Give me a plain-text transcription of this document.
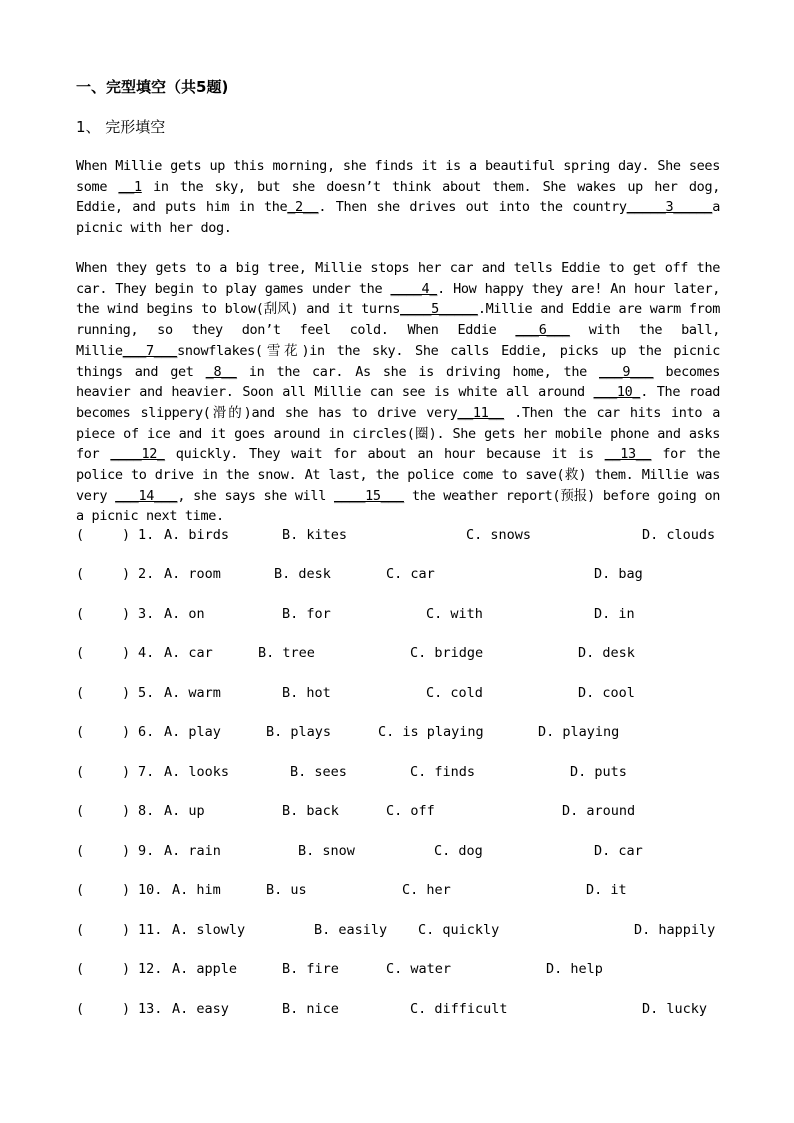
一、完型填空（共5题)
1、 完形填空
When Millie gets up this morning, she finds it is a beautiful spring day. She sees some __1 in the sky, but she doesn’t think about them. She wakes up her dog, Eddie, and puts him in the_2__. Then she drives out into the country_____3_____a picnic with her dog.
When they gets to a big tree, Millie stops her car and tells Eddie to get off the car. They begin to play games under the ____4_. How happy they are! An hour later, the wind begins to blow(刮风) and it turns____5_____.Millie and Eddie are warm from running, so they don’t feel cold. When Eddie ___6___ with the ball, Millie___7___snowflakes(雪花)in the sky. She calls Eddie, picks up the picnic things and get _8__ in the car. As she is driving home, the ___9___ becomes heavier and heavier. Soon all Millie can see is white all around ___10_. The road becomes slippery(滑的)and she has to drive very__11__ .Then the car hits into a piece of ice and it goes around in circles(圈). She gets her mobile phone and asks for ____12_ quickly. They wait for about an hour because it is __13__ for the police to drive in the snow. At last, the police come to save(救) them. Millie was very ___14___, she says she will ____15___ the weather report(预报) before going on a picnic next time.
(	) 1. A. birds	B. kites	C. snows	D. clouds
(	) 2. A. room	B. desk	C. car	D. bag
(	) 3. A. on	B. for	C. with	D. in
(	) 4. A. car	B. tree	C. bridge	D. desk
(	) 5. A. warm	B. hot	C. cold	D. cool
(	) 6. A. play	B. plays	C. is playing	D. playing
(	) 7. A. looks	B. sees	C. finds	D. puts
(	) 8. A. up	B. back	C. off	D. around
(	) 9. A. rain	B. snow	C. dog	D. car
(	) 10. A. him	B. us	C. her	D. it
(	) 11. A. slowly	B. easily C. quickly	D. happily
(	) 12. A. apple	B. fire	C. water	D. help
(	) 13. A. easy	B. nice	C. difficult	D. lucky
